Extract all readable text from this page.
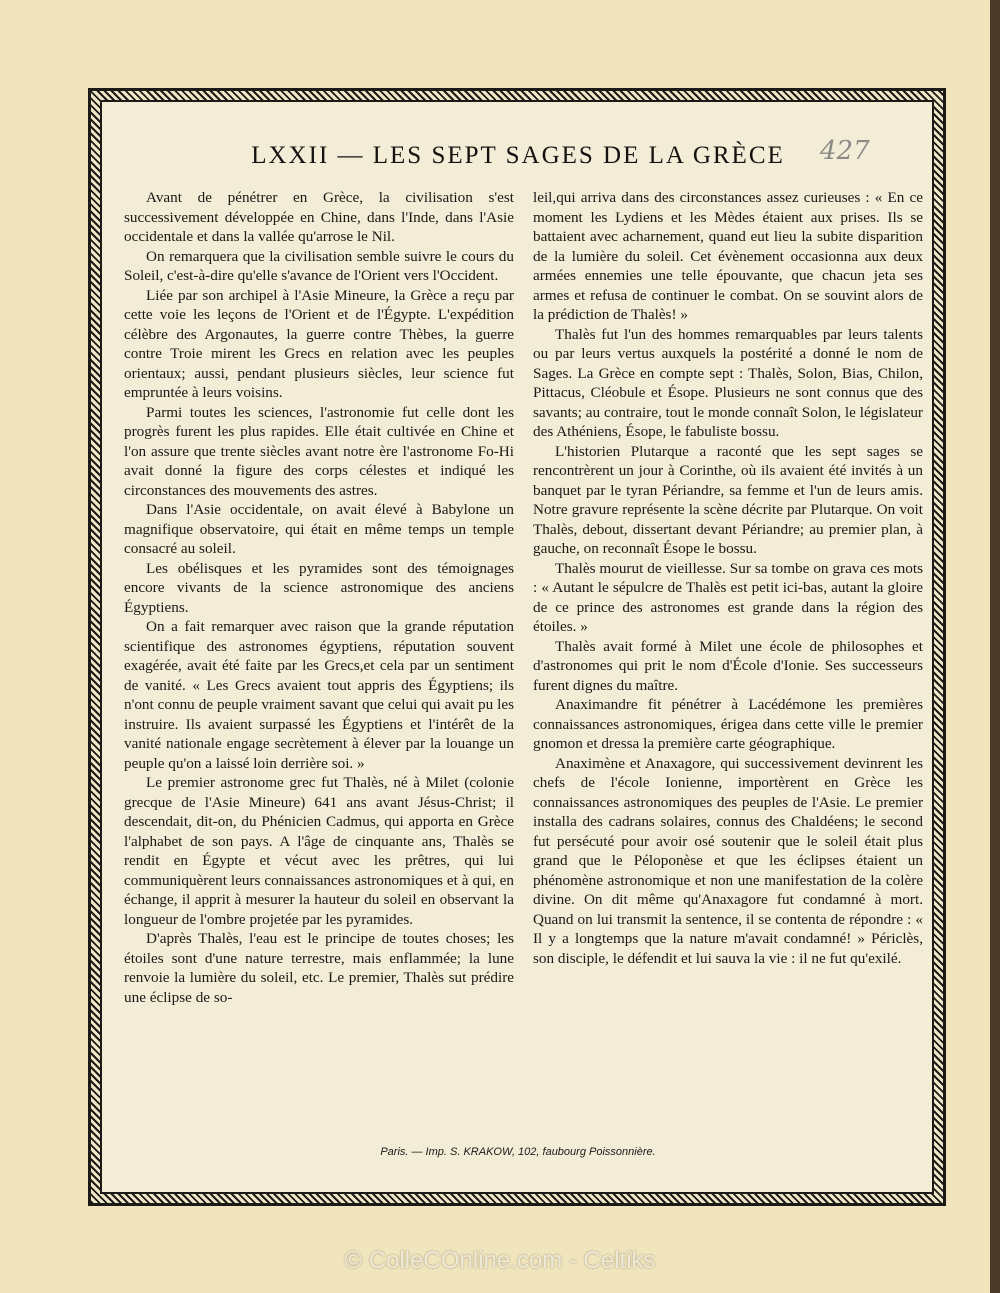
LXXII — LES SEPT SAGES DE LA GRÈCE	427

Avant de pénétrer en Grèce, la civilisation s'est successivement développée en Chine, dans l'Inde, dans l'Asie occidentale et dans la vallée qu'arrose le Nil.

On remarquera que la civilisation semble suivre le cours du Soleil, c'est-à-dire qu'elle s'avance de l'Orient vers l'Occident.

Liée par son archipel à l'Asie Mineure, la Grèce a reçu par cette voie les leçons de l'Orient et de l'Égypte. L'expédition célèbre des Argonautes, la guerre contre Thèbes, la guerre contre Troie mirent les Grecs en relation avec les peuples orientaux; aussi, pendant plusieurs siècles, leur science fut empruntée à leurs voisins.

Parmi toutes les sciences, l'astronomie fut celle dont les progrès furent les plus rapides. Elle était cultivée en Chine et l'on assure que trente siècles avant notre ère l'astronome Fo-Hi avait donné la figure des corps célestes et indiqué les circonstances des mouvements des astres.

Dans l'Asie occidentale, on avait élevé à Babylone un magnifique observatoire, qui était en même temps un temple consacré au soleil.

Les obélisques et les pyramides sont des témoignages encore vivants de la science astronomique des anciens Égyptiens.

On a fait remarquer avec raison que la grande réputation scientifique des astronomes égyptiens, réputation souvent exagérée, avait été faite par les Grecs,et cela par un sentiment de vanité. « Les Grecs avaient tout appris des Égyptiens; ils n'ont connu de peuple vraiment savant que celui qui avait pu les instruire. Ils avaient surpassé les Égyptiens et l'intérêt de la vanité nationale engage secrètement à élever par la louange un peuple qu'on a laissé loin derrière soi. »

Le premier astronome grec fut Thalès, né à Milet (colonie grecque de l'Asie Mineure) 641 ans avant Jésus-Christ; il descendait, dit-on, du Phénicien Cadmus, qui apporta en Grèce l'alphabet de son pays. A l'âge de cinquante ans, Thalès se rendit en Égypte et vécut avec les prêtres, qui lui communiquèrent leurs connaissances astronomiques et à qui, en échange, il apprit à mesurer la hauteur du soleil en observant la longueur de l'ombre projetée par les pyramides.

D'après Thalès, l'eau est le principe de toutes choses; les étoiles sont d'une nature terrestre, mais enflammée; la lune renvoie la lumière du soleil, etc. Le premier, Thalès sut prédire une éclipse de so-

leil,qui arriva dans des circonstances assez curieuses : « En ce moment les Lydiens et les Mèdes étaient aux prises. Ils se battaient avec acharnement, quand eut lieu la subite disparition de la lumière du soleil. Cet évènement occasionna aux deux armées ennemies une telle épouvante, que chacun jeta ses armes et refusa de continuer le combat. On se souvint alors de la prédiction de Thalès! »

Thalès fut l'un des hommes remarquables par leurs talents ou par leurs vertus auxquels la postérité a donné le nom de Sages. La Grèce en compte sept : Thalès, Solon, Bias, Chilon, Pittacus, Cléobule et Ésope. Plusieurs ne sont connus que des savants; au contraire, tout le monde connaît Solon, le législateur des Athéniens, Ésope, le fabuliste bossu.

L'historien Plutarque a raconté que les sept sages se rencontrèrent un jour à Corinthe, où ils avaient été invités à un banquet par le tyran Périandre, sa femme et l'un de leurs amis. Notre gravure représente la scène décrite par Plutarque. On voit Thalès, debout, dissertant devant Périandre; au premier plan, à gauche, on reconnaît Ésope le bossu.

Thalès mourut de vieillesse. Sur sa tombe on grava ces mots : « Autant le sépulcre de Thalès est petit ici-bas, autant la gloire de ce prince des astronomes est grande dans la région des étoiles. »

Thalès avait formé à Milet une école de philosophes et d'astronomes qui prit le nom d'École d'Ionie. Ses successeurs furent dignes du maître.

Anaximandre fit pénétrer à Lacédémone les premières connaissances astronomiques, érigea dans cette ville le premier gnomon et dressa la première carte géographique.

Anaximène et Anaxagore, qui successivement devinrent les chefs de l'école Ionienne, importèrent en Grèce les connaissances astronomiques des peuples de l'Asie. Le premier installa des cadrans solaires, connus des Chaldéens; le second fut persécuté pour avoir osé soutenir que le soleil était plus grand que le Péloponèse et que les éclipses étaient un phénomène astronomique et non une manifestation de la colère divine. On dit même qu'Anaxagore fut condamné à mort. Quand on lui transmit la sentence, il se contenta de répondre : « Il y a longtemps que la nature m'avait condamné! » Périclès, son disciple, le défendit et lui sauva la vie : il ne fut qu'exilé.

Paris. — Imp. S. KRAKOW, 102, faubourg Poissonnière.
© ColleCOnline.com - Celtiks
